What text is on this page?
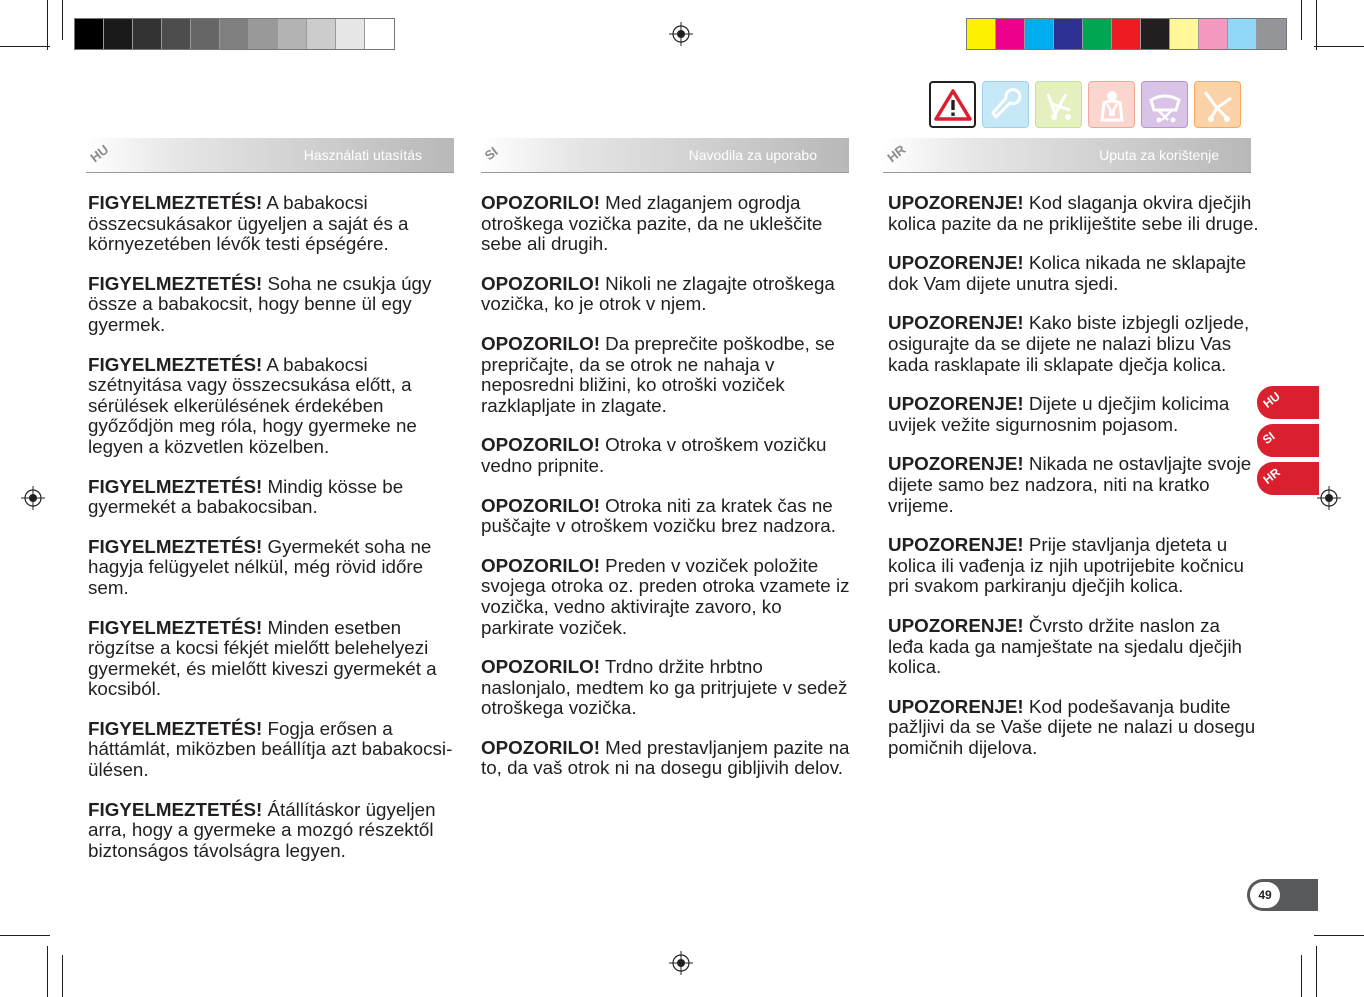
HU	Használati utasítás	SI	Navodila za uporabo	HR	Uputa za korištenje

FIGYELMEZTETÉS! A babakocsi összecsukásakor ügyeljen a saját és a környezetében lévők testi épségére.

FIGYELMEZTETÉS! Soha ne csukja úgy össze a babakocsit, hogy benne ül egy gyermek.

FIGYELMEZTETÉS! A babakocsi szétnyitása vagy összecsukása előtt, a sérülések elkerülésének érdekében győződjön meg róla, hogy gyermeke ne legyen a közvetlen közelben.

FIGYELMEZTETÉS! Mindig kösse be gyermekét a babakocsiban.

FIGYELMEZTETÉS! Gyermekét soha ne hagyja felügyelet nélkül, még rövid időre sem.

FIGYELMEZTETÉS! Minden esetben rögzítse a kocsi fékjét mielőtt belehelyezi gyermekét, és mielőtt kiveszi gyermekét a kocsiból.

FIGYELMEZTETÉS! Fogja erősen a háttámlát, miközben beállítja azt babakocsi-ülésen.

FIGYELMEZTETÉS! Átállításkor ügyeljen arra, hogy a gyermeke a mozgó részektől biztonságos távolságra legyen.

OPOZORILO! Med zlaganjem ogrodja otroškega vozička pazite, da ne uklеščite sebe ali drugih.

OPOZORILO! Nikoli ne zlagajte otroškega vozička, ko je otrok v njem.

OPOZORILO! Da preprečite poškodbe, se prepričajte, da se otrok ne nahaja v neposredni bližini, ko otroški voziček razklapljate in zlagate.

OPOZORILO! Otroka v otroškem vozičku vedno pripnite.

OPOZORILO! Otroka niti za kratek čas ne puščajte v otroškem vozičku brez nadzora.

OPOZORILO! Preden v voziček položite svojega otroka oz. preden otroka vzamete iz vozička, vedno aktivirajte zavoro, ko parkirate voziček.

OPOZORILO! Trdno držite hrbtno naslonjalo, medtem ko ga pritrjujete v sedež otroškega vozička.

OPOZORILO! Med prestavljanjem pazite na to, da vaš otrok ni na dosegu gibljivih delov.

UPOZORENJE! Kod slaganja okvira dječjih kolica pazite da ne prikliještite sebe ili druge.

UPOZORENJE! Kolica nikada ne sklapajte dok Vam dijete unutra sjedi.

UPOZORENJE! Kako biste izbjegli ozljede, osigurajte da se dijete ne nalazi blizu Vas kada rasklapate ili sklapate dječja kolica.

UPOZORENJE! Dijete u dječjim kolicima uvijek vežite sigurnosnim pojasom.

UPOZORENJE! Nikada ne ostavljajte svoje dijete samo bez nadzora, niti na kratko vrijeme.

UPOZORENJE! Prije stavljanja djeteta u kolica ili vađenja iz njih upotrijebite kočnicu pri svakom parkiranju dječjih kolica.

UPOZORENJE! Čvrsto držite naslon za leđa kada ga namještate na sjedalu dječjih kolica.

UPOZORENJE! Kod podešavanja budite pažljivi da se Vaše dijete ne nalazi u dosegu pomičnih dijelova.

HU
SI
HR
49
